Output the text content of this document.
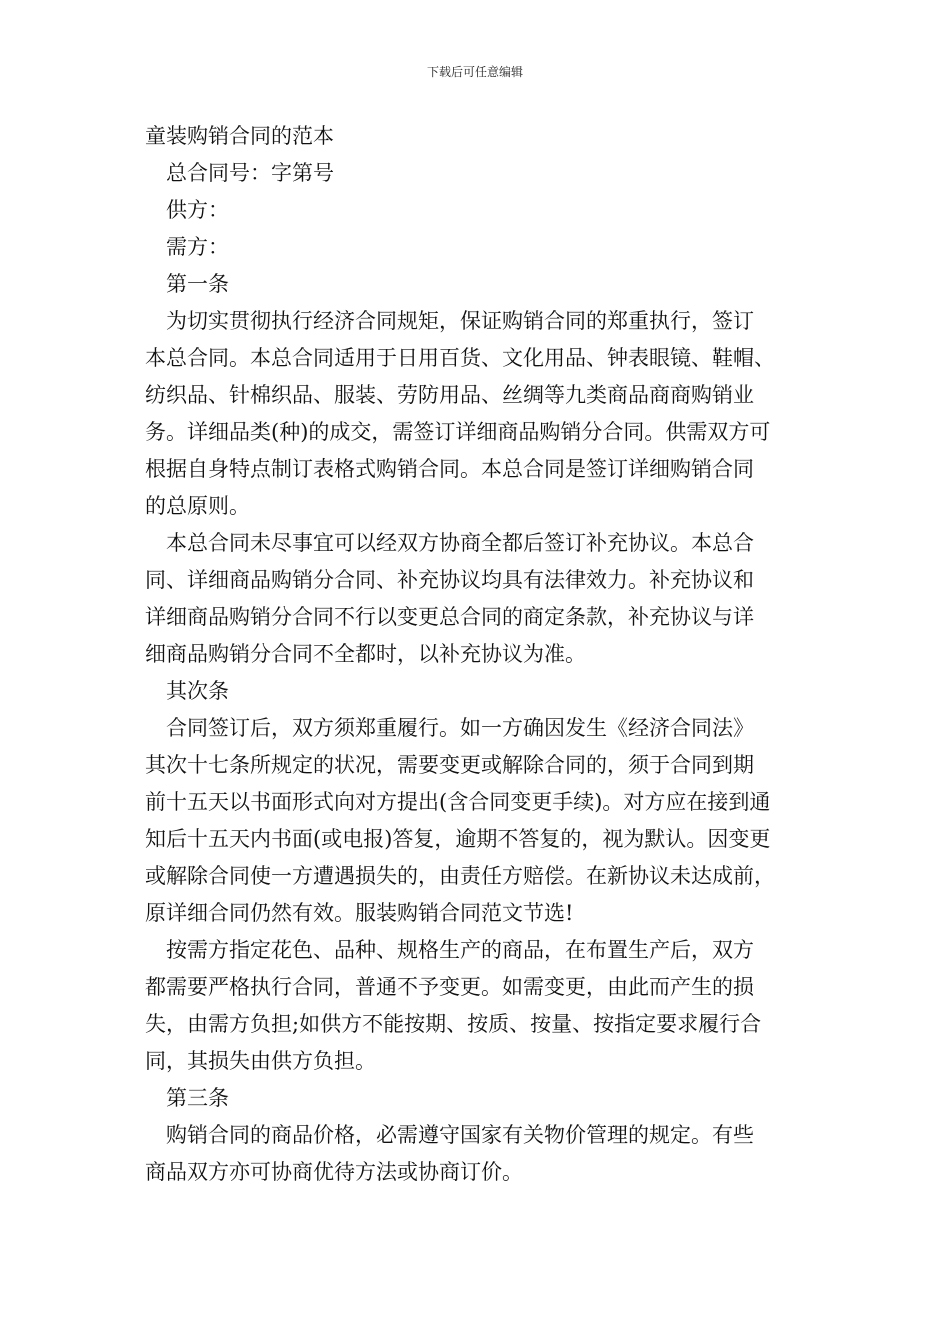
下载后可任意编辑
童装购销合同的范本
总合同号：字第号
供方：
需方：
第一条
为切实贯彻执行经济合同规矩，保证购销合同的郑重执行，签订
本总合同。本总合同适用于日用百货、文化用品、钟表眼镜、鞋帽、
纺织品、针棉织品、服装、劳防用品、丝绸等九类商品商商购销业
务。详细品类(种)的成交，需签订详细商品购销分合同。供需双方可
根据自身特点制订表格式购销合同。本总合同是签订详细购销合同
的总原则。
本总合同未尽事宜可以经双方协商全都后签订补充协议。本总合
同、详细商品购销分合同、补充协议均具有法律效力。补充协议和
详细商品购销分合同不行以变更总合同的商定条款，补充协议与详
细商品购销分合同不全都时，以补充协议为准。
其次条
合同签订后，双方须郑重履行。如一方确因发生《经济合同法》
其次十七条所规定的状况，需要变更或解除合同的，须于合同到期
前十五天以书面形式向对方提出(含合同变更手续)。对方应在接到通
知后十五天内书面(或电报)答复，逾期不答复的，视为默认。因变更
或解除合同使一方遭遇损失的，由责任方赔偿。在新协议未达成前，
原详细合同仍然有效。服装购销合同范文节选!
按需方指定花色、品种、规格生产的商品，在布置生产后，双方
都需要严格执行合同，普通不予变更。如需变更，由此而产生的损
失，由需方负担;如供方不能按期、按质、按量、按指定要求履行合
同，其损失由供方负担。
第三条
购销合同的商品价格，必需遵守国家有关物价管理的规定。有些
商品双方亦可协商优待方法或协商订价。
